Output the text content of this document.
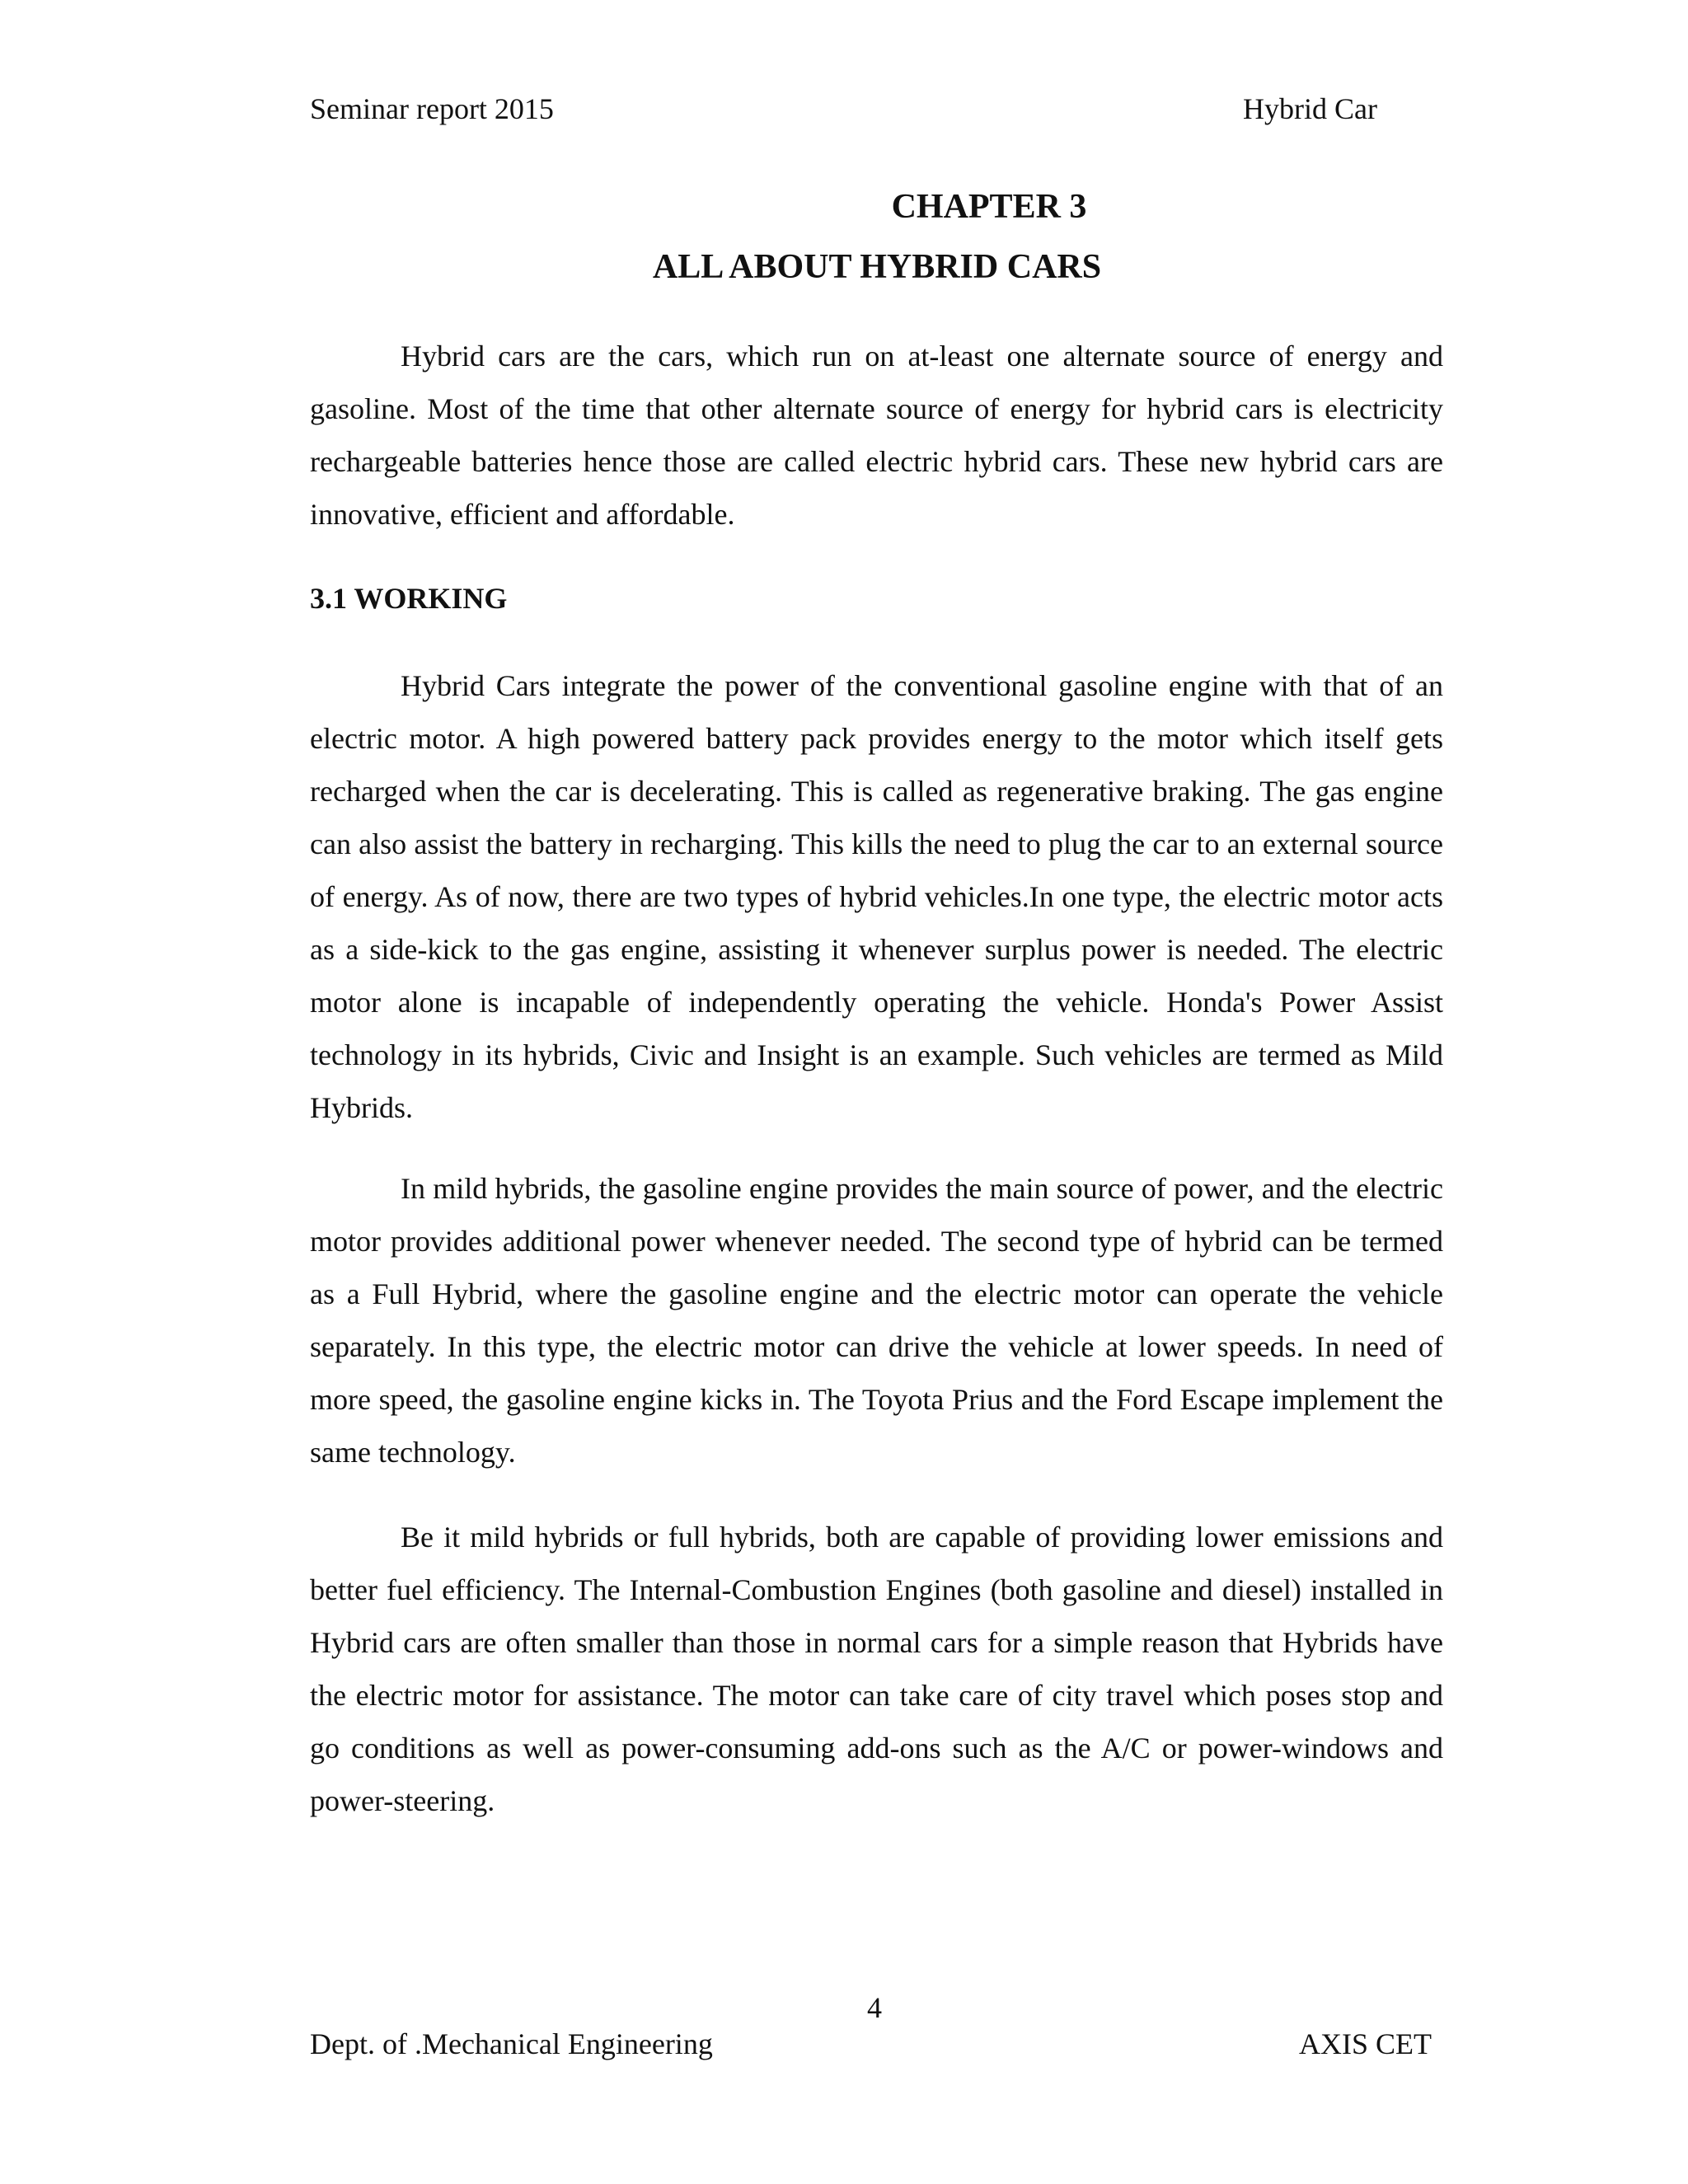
Seminar report 2015	Hybrid Car
CHAPTER 3
ALL ABOUT HYBRID CARS

Hybrid cars are the cars, which run on at-least one alternate source of energy and gasoline. Most of the time that other alternate source of energy for hybrid cars is electricity rechargeable batteries hence those are called electric hybrid cars. These new hybrid cars are innovative, efficient and affordable.

3.1 WORKING

Hybrid Cars integrate the power of the conventional gasoline engine with that of an electric motor. A high powered battery pack provides energy to the motor which itself gets recharged when the car is decelerating. This is called as regenerative braking. The gas engine can also assist the battery in recharging. This kills the need to plug the car to an external source of energy. As of now, there are two types of hybrid vehicles.In one type, the electric motor acts as a side-kick to the gas engine, assisting it whenever surplus power is needed. The electric motor alone is incapable of independently operating the vehicle. Honda's Power Assist technology in its hybrids, Civic and Insight is an example. Such vehicles are termed as Mild Hybrids.

In mild hybrids, the gasoline engine provides the main source of power, and the electric motor provides additional power whenever needed. The second type of hybrid can be termed as a Full Hybrid, where the gasoline engine and the electric motor can operate the vehicle separately. In this type, the electric motor can drive the vehicle at lower speeds. In need of more speed, the gasoline engine kicks in. The Toyota Prius and the Ford Escape implement the same technology.

Be it mild hybrids or full hybrids, both are capable of providing lower emissions and better fuel efficiency. The Internal-Combustion Engines (both gasoline and diesel) installed in Hybrid cars are often smaller than those in normal cars for a simple reason that Hybrids have the electric motor for assistance. The motor can take care of city travel which poses stop and go conditions as well as power-consuming add-ons such as the A/C or power-windows and power-steering.

4
Dept. of .Mechanical Engineering	AXIS CET
